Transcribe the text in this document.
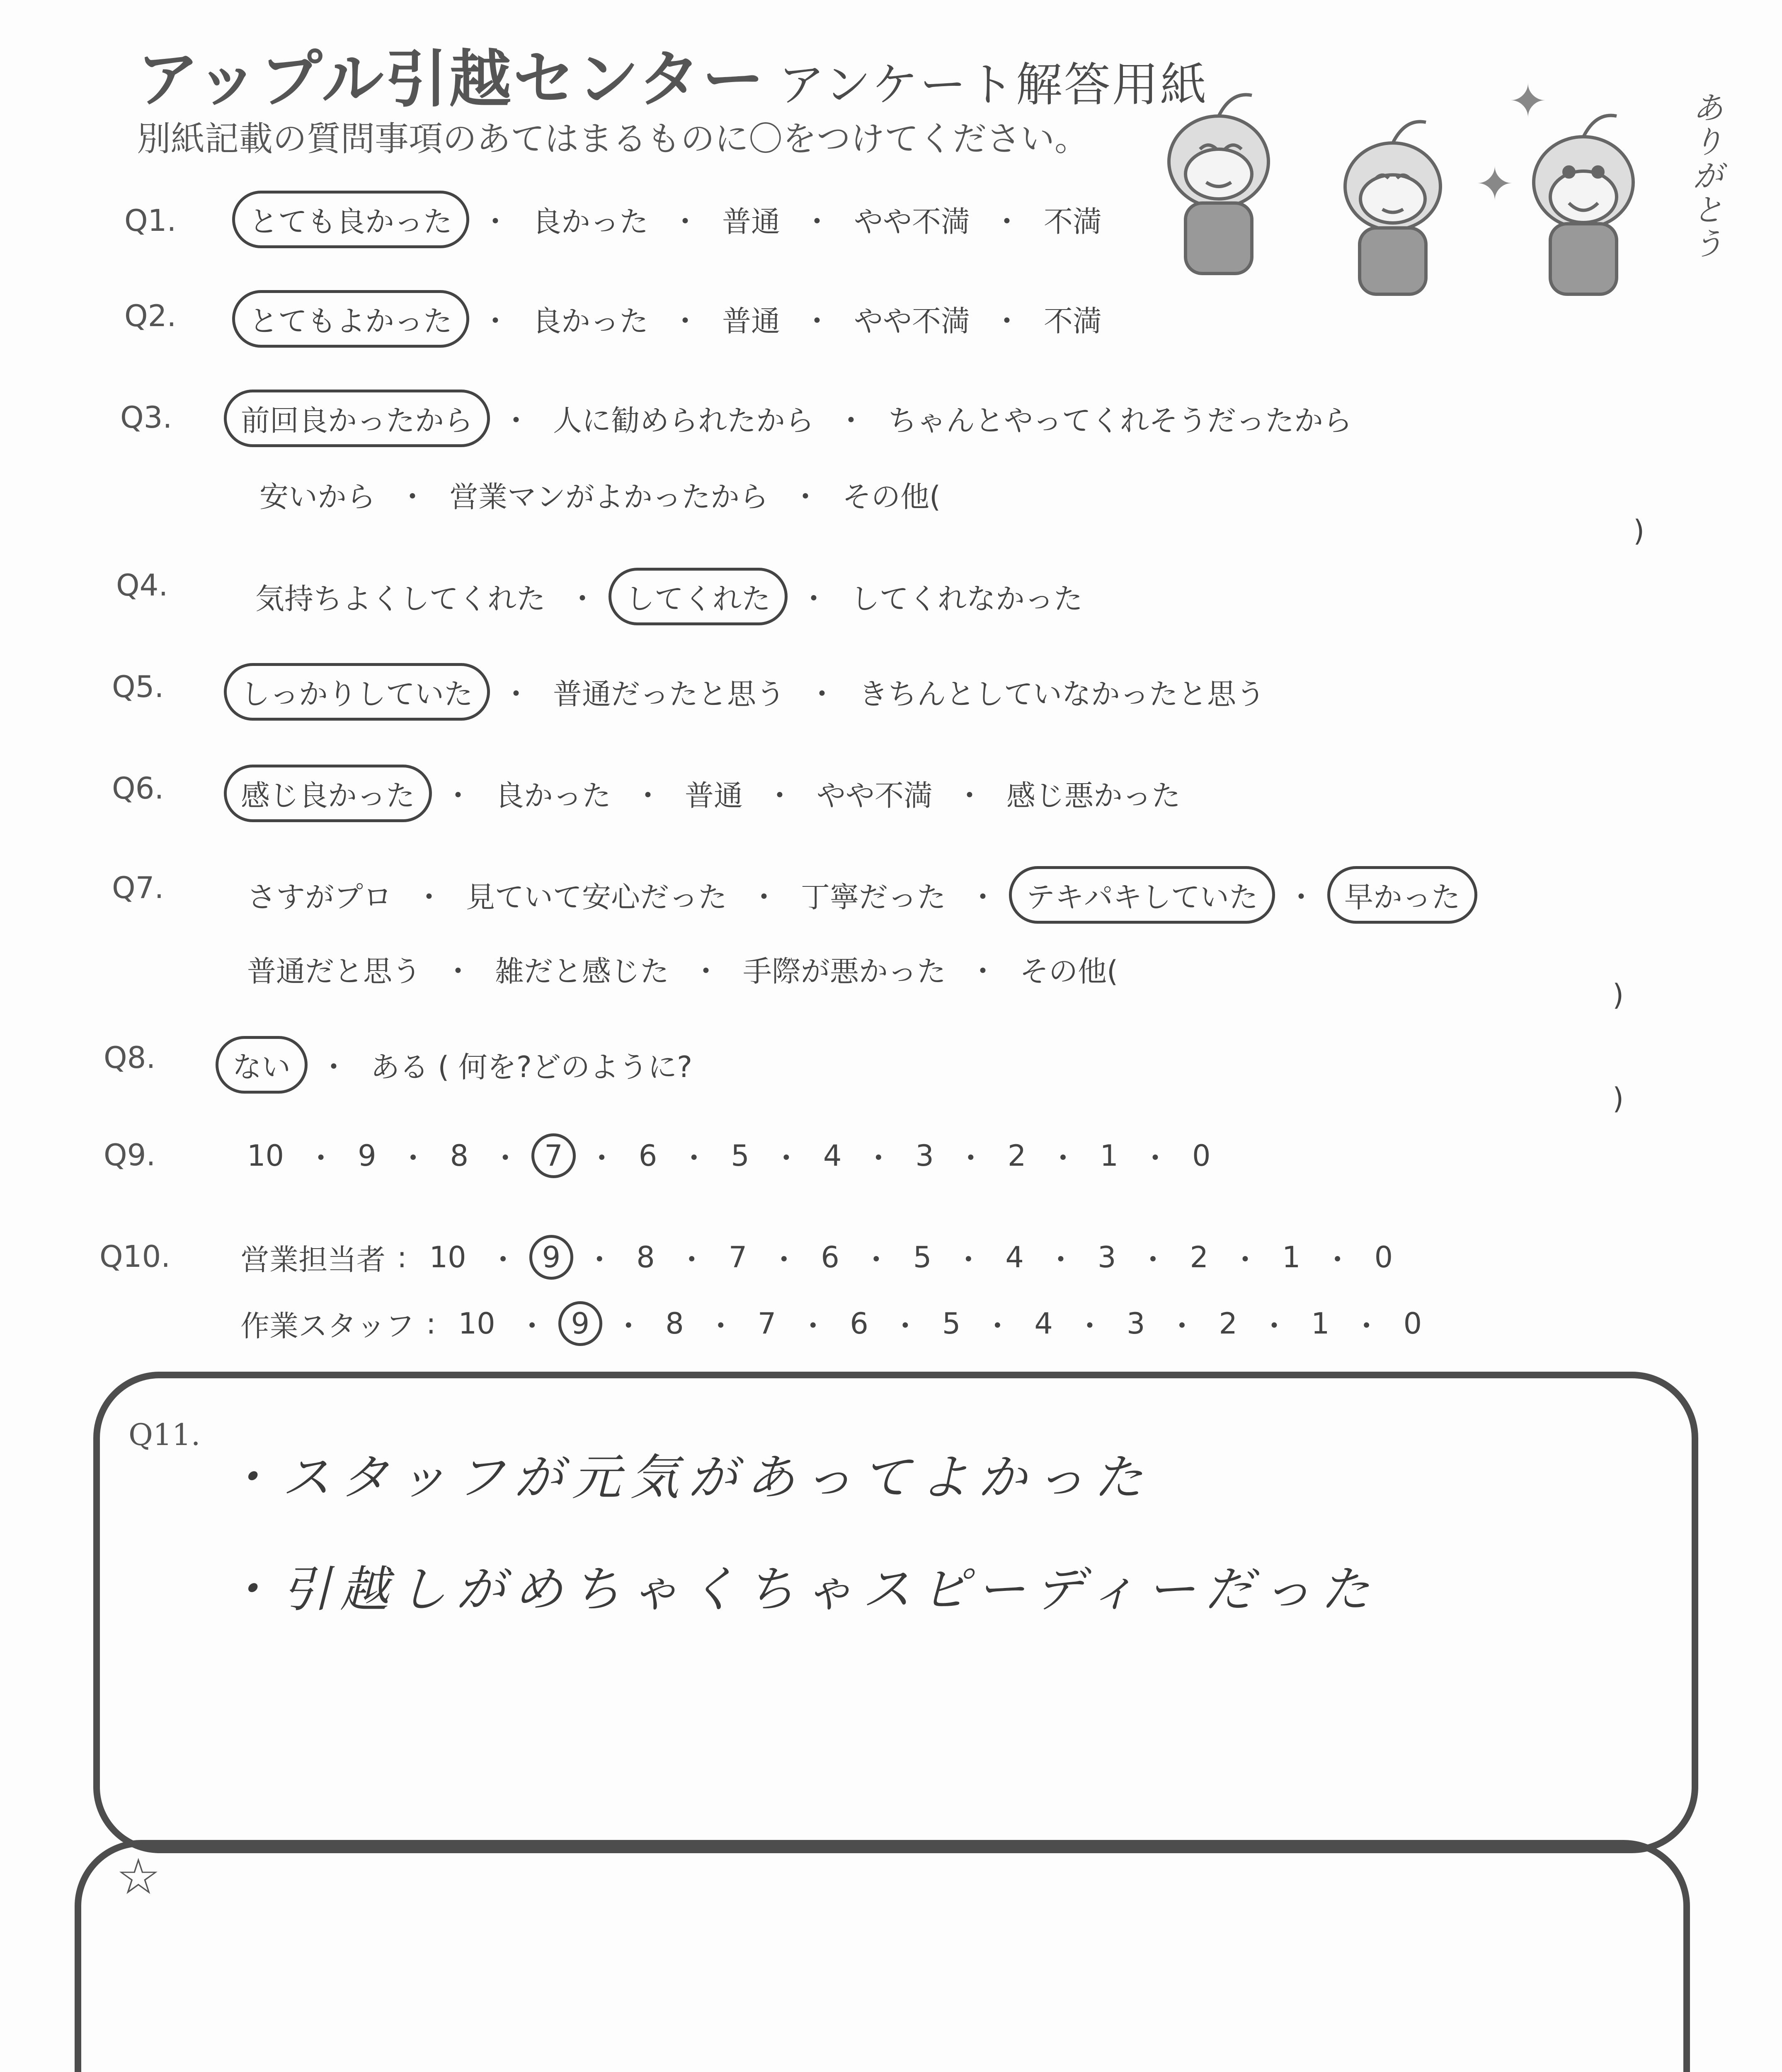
アップル引越センター アンケート解答用紙
別紙記載の質問事項のあてはまるものに〇をつけてください。
✦
✦	ありがとう
Q1.	とても良かった ・ 良かった ・ 普通 ・ やや不満 ・ 不満
Q2.	とてもよかった ・ 良かった ・ 普通 ・ やや不満 ・ 不満
Q3.	前回良かったから ・ 人に勧められたから ・ ちゃんとやってくれそうだったから
安いから ・ 営業マンがよかったから ・ その他(
)
Q4.	気持ちよくしてくれた ・ してくれた ・ してくれなかった
Q5.	しっかりしていた ・ 普通だったと思う ・ きちんとしていなかったと思う
Q6.	感じ良かった ・ 良かった ・ 普通 ・ やや不満 ・ 感じ悪かった
Q7.	さすがプロ ・ 見ていて安心だった ・ 丁寧だった ・ テキパキしていた ・ 早かった
普通だと思う ・ 雑だと感じた ・ 手際が悪かった ・ その他(
)
Q8.	ない ・ ある ( 何を?どのように?
)
Q9.	10 ・ 9 ・ 8 ・ 7 ・ 6 ・ 5 ・ 4 ・ 3 ・ 2 ・ 1 ・ 0
Q10. 営業担当者 : 10 ・ 9 ・ 8 ・ 7 ・ 6 ・ 5 ・ 4 ・ 3 ・ 2 ・ 1 ・ 0
作業スタッフ : 10 ・ 9 ・ 8 ・ 7 ・ 6 ・ 5 ・ 4 ・ 3 ・ 2 ・ 1 ・ 0
Q11.
・スタッフが元気があってよかった
・引越しがめちゃくちゃスピーディーだった
☆
